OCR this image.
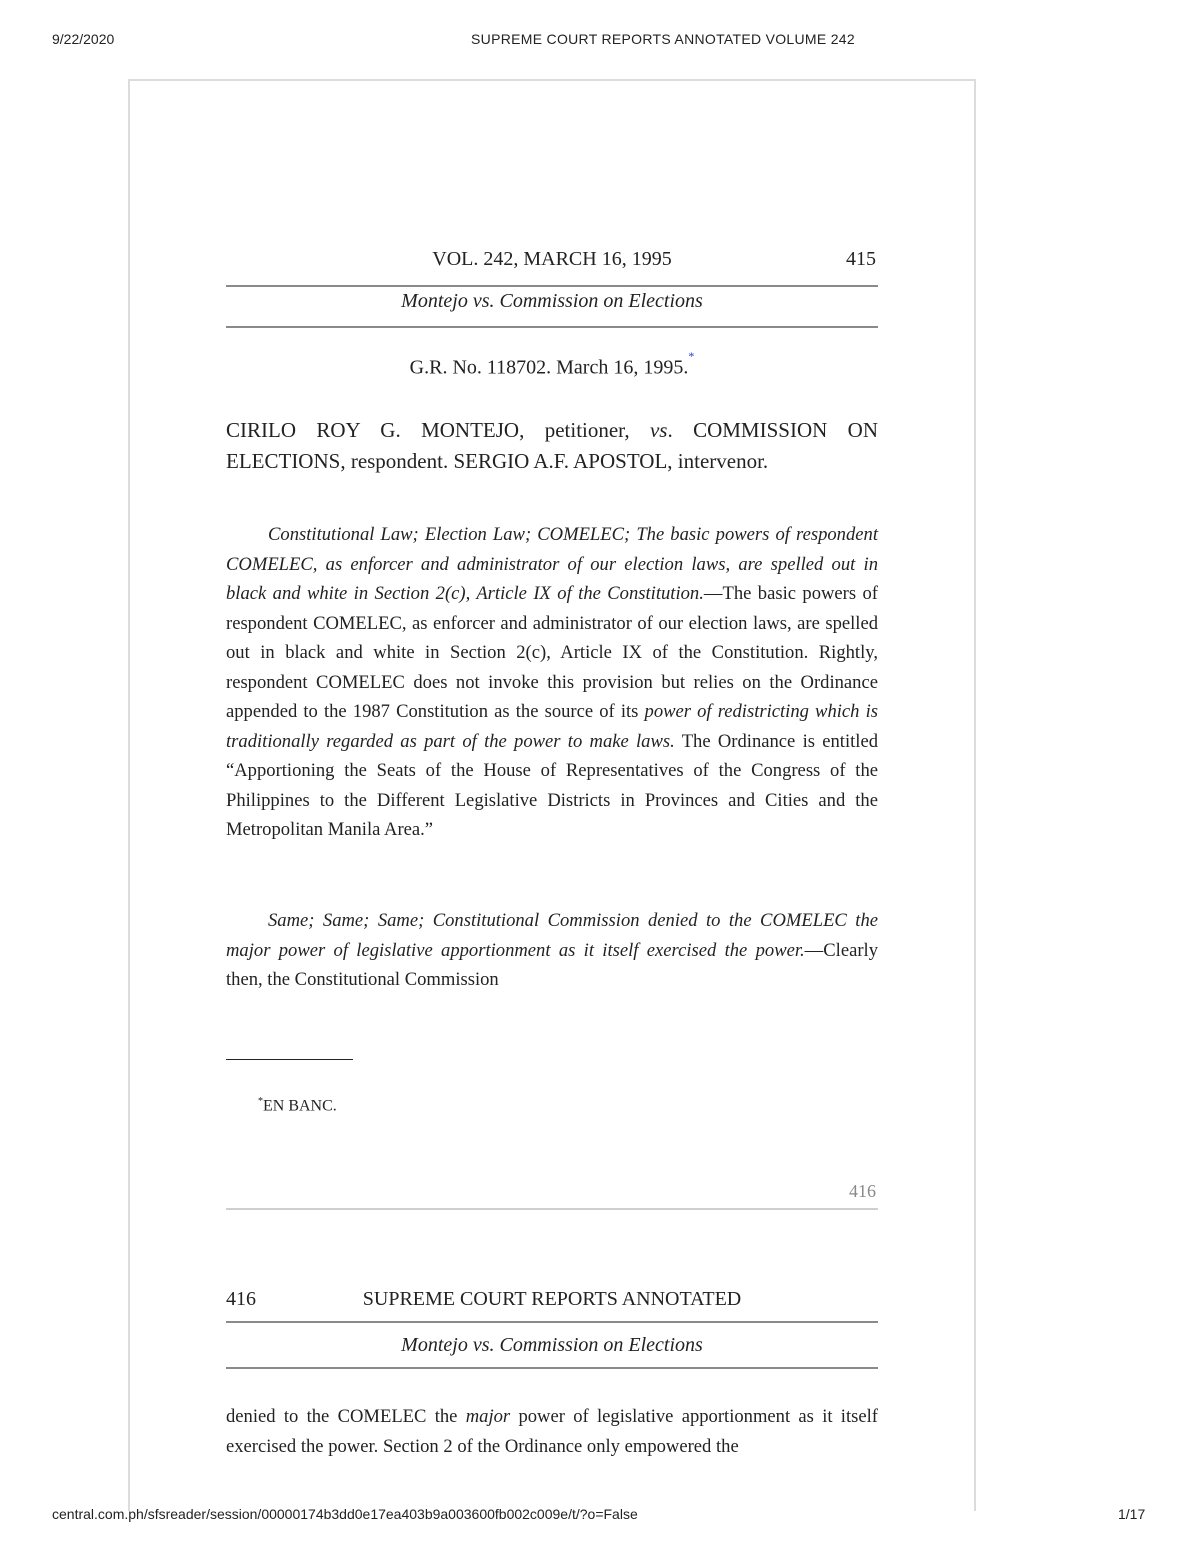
9/22/2020	SUPREME COURT REPORTS ANNOTATED VOLUME 242
VOL. 242, MARCH 16, 1995	415
Montejo vs. Commission on Elections
G.R. No. 118702. March 16, 1995.*
CIRILO ROY G. MONTEJO, petitioner, vs. COMMISSION ON ELECTIONS, respondent. SERGIO A.F. APOSTOL, intervenor.

Constitutional Law; Election Law; COMELEC; The basic powers of respondent COMELEC, as enforcer and administrator of our election laws, are spelled out in black and white in Section 2(c), Article IX of the Constitution.—The basic powers of respondent COMELEC, as enforcer and administrator of our election laws, are spelled out in black and white in Section 2(c), Article IX of the Constitution. Rightly, respondent COMELEC does not invoke this provision but relies on the Ordinance appended to the 1987 Constitution as the source of its power of redistricting which is traditionally regarded as part of the power to make laws. The Ordinance is entitled “Apportioning the Seats of the House of Representatives of the Congress of the Philippines to the Different Legislative Districts in Provinces and Cities and the Metropolitan Manila Area.”

Same; Same; Same; Constitutional Commission denied to the COMELEC the major power of legislative apportionment as it itself exercised the power.—Clearly then, the Constitutional Commission

*EN BANC.
416
416	SUPREME COURT REPORTS ANNOTATED
Montejo vs. Commission on Elections

denied to the COMELEC the major power of legislative apportionment as it itself exercised the power. Section 2 of the Ordinance only empowered the

central.com.ph/sfsreader/session/00000174b3dd0e17ea403b9a003600fb002c009e/t/?o=False	1/17
